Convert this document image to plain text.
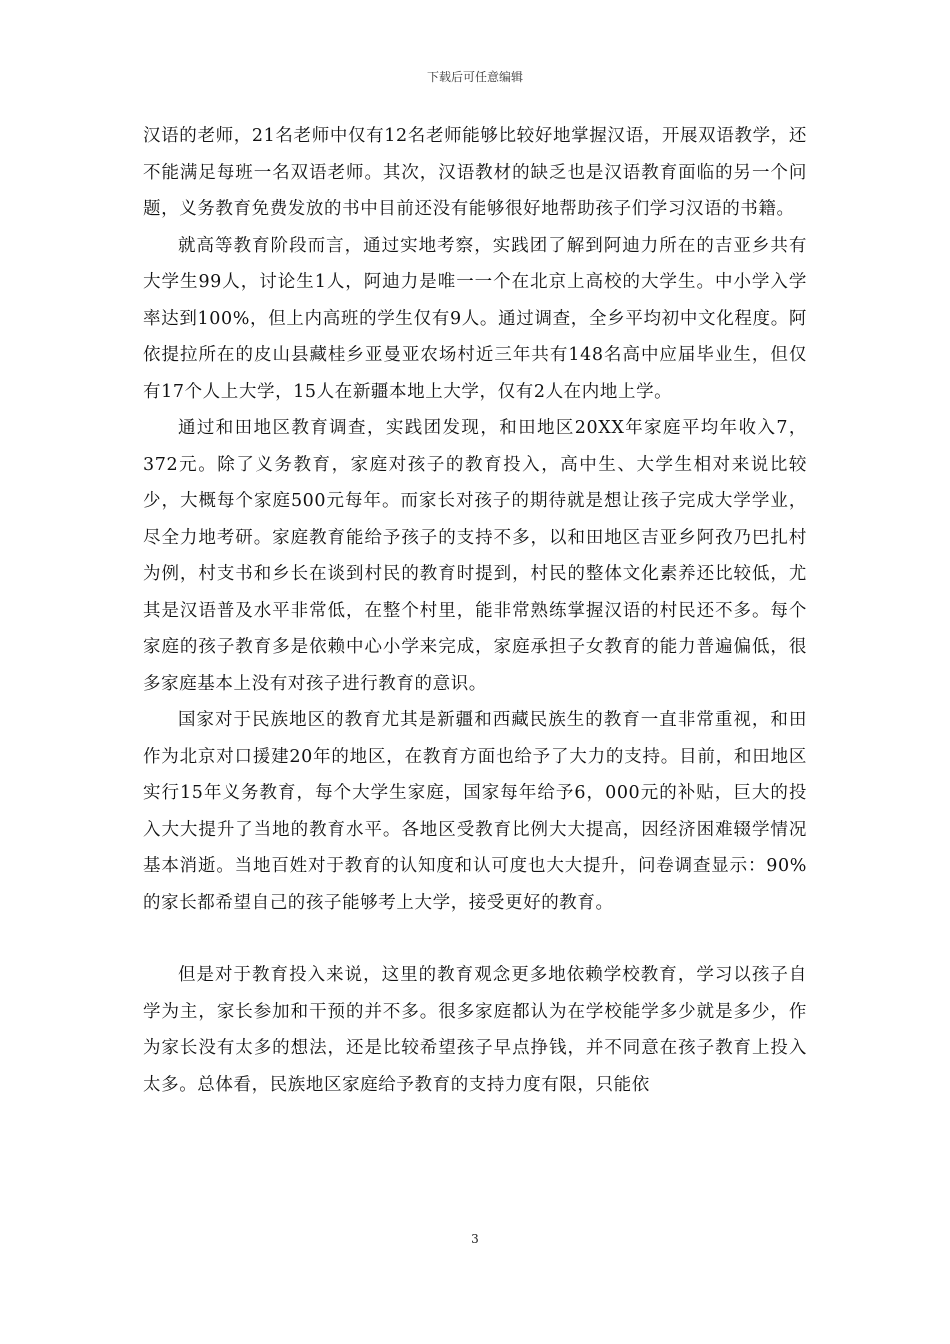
下载后可任意编辑

汉语的老师，21名老师中仅有12名老师能够比较好地掌握汉语，开展双语教学，还不能满足每班一名双语老师。其次，汉语教材的缺乏也是汉语教育面临的另一个问题，义务教育免费发放的书中目前还没有能够很好地帮助孩子们学习汉语的书籍。

就高等教育阶段而言，通过实地考察，实践团了解到阿迪力所在的吉亚乡共有大学生99人，讨论生1人，阿迪力是唯一一个在北京上高校的大学生。中小学入学率达到100%，但上内高班的学生仅有9人。通过调查，全乡平均初中文化程度。阿依提拉所在的皮山县藏桂乡亚曼亚农场村近三年共有148名高中应届毕业生，但仅有17个人上大学，15人在新疆本地上大学，仅有2人在内地上学。

通过和田地区教育调查，实践团发现，和田地区20XX年家庭平均年收入7，372元。除了义务教育，家庭对孩子的教育投入，高中生、大学生相对来说比较少，大概每个家庭500元每年。而家长对孩子的期待就是想让孩子完成大学学业，尽全力地考研。家庭教育能给予孩子的支持不多，以和田地区吉亚乡阿孜乃巴扎村为例，村支书和乡长在谈到村民的教育时提到，村民的整体文化素养还比较低，尤其是汉语普及水平非常低，在整个村里，能非常熟练掌握汉语的村民还不多。每个家庭的孩子教育多是依赖中心小学来完成，家庭承担子女教育的能力普遍偏低，很多家庭基本上没有对孩子进行教育的意识。

国家对于民族地区的教育尤其是新疆和西藏民族生的教育一直非常重视，和田作为北京对口援建20年的地区，在教育方面也给予了大力的支持。目前，和田地区实行15年义务教育，每个大学生家庭，国家每年给予6，000元的补贴，巨大的投入大大提升了当地的教育水平。各地区受教育比例大大提高，因经济困难辍学情况基本消逝。当地百姓对于教育的认知度和认可度也大大提升，问卷调查显示：90%的家长都希望自己的孩子能够考上大学，接受更好的教育。

但是对于教育投入来说，这里的教育观念更多地依赖学校教育，学习以孩子自学为主，家长参加和干预的并不多。很多家庭都认为在学校能学多少就是多少，作为家长没有太多的想法，还是比较希望孩子早点挣钱，并不同意在孩子教育上投入太多。总体看，民族地区家庭给予教育的支持力度有限，只能依

3
